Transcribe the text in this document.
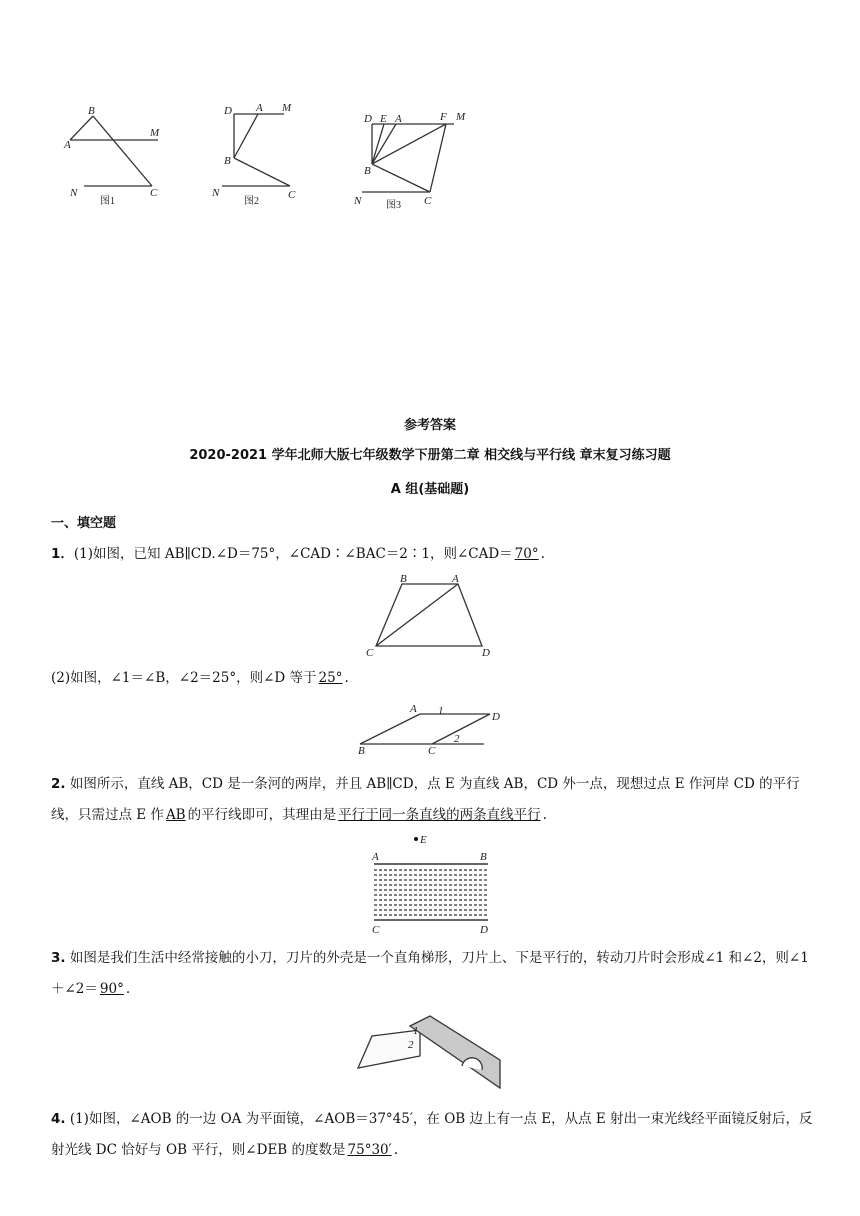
A
B
M
N	C
图1
D A M
B
N	C
图2
D E A	F M
B
N	C
图3
参考答案
2020-2021 学年北师大版七年级数学下册第二章 相交线与平行线 章末复习练习题
A 组(基础题)
一、填空题
1．(1)如图，已知 AB∥CD.∠D＝75°，∠CAD∶∠BAC＝2∶1，则∠CAD＝ 70° .
B	A
C	D
(2)如图，∠1＝∠B，∠2＝25°，则∠D 等于 25° .
A 1	D
B	C
2
2. 如图所示，直线 AB，CD 是一条河的两岸，并且 AB∥CD，点 E 为直线 AB，CD 外一点，现想过点 E 作河岸 CD 的平行线，只需过点 E 作 AB 的平行线即可，其理由是 平行于同一条直线的两条直线平行 .
E
A	B
C	D
3. 如图是我们生活中经常接触的小刀，刀片的外壳是一个直角梯形，刀片上、下是平行的，转动刀片时会形成∠1 和∠2，则∠1＋∠2＝ 90° .
1
2
4. (1)如图，∠AOB 的一边 OA 为平面镜，∠AOB＝37°45′，在 OB 边上有一点 E，从点 E 射出一束光线经平面镜反射后，反射光线 DC 恰好与 OB 平行，则∠DEB 的度数是 75°30′ .
